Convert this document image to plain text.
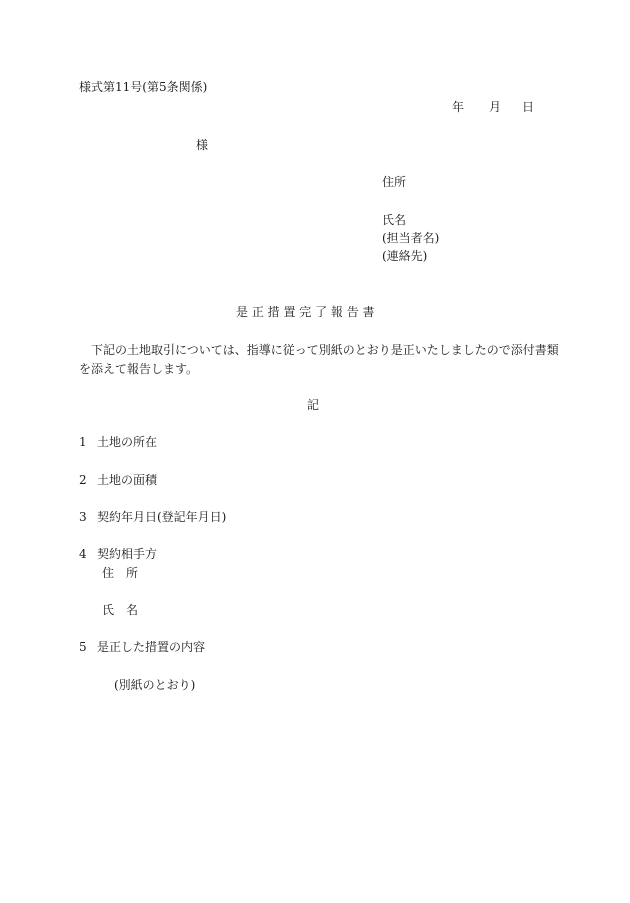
様式第11号(第5条関係)
年 月 日
様
住所
氏名
(担当者名)
(連絡先)
是 正 措 置 完 了 報 告 書
下記の土地取引については、指導に従って別紙のとおり是正いたしましたので添付書類
を添えて報告します。
記
1 土地の所在
2 土地の面積
3 契約年月日(登記年月日)
4 契約相手方
住　所
氏　名
5 是正した措置の内容
(別紙のとおり)
